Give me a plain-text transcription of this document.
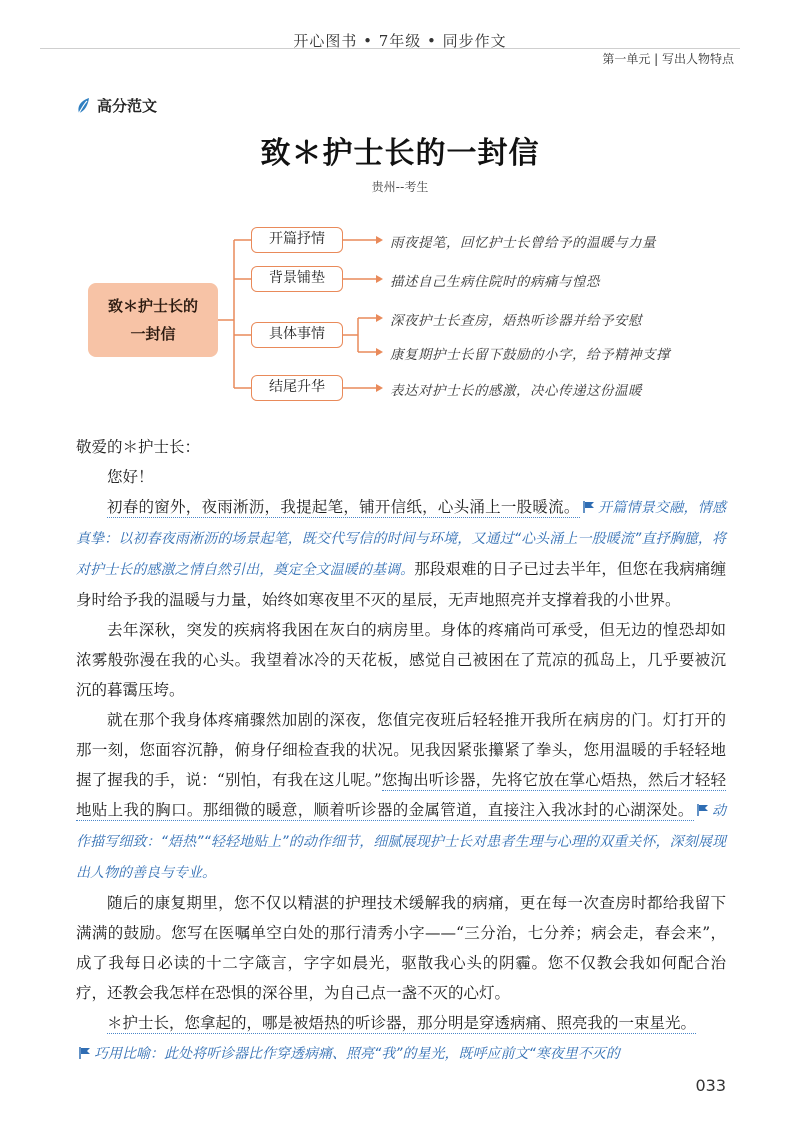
开心图书 • 7年级 • 同步作文
第一单元 | 写出人物特点
高分范文
致＊护士长的一封信
贵州--考生
致＊护士长的
一封信
开篇抒情
背景铺垫
具体事情
结尾升华
雨夜提笔，回忆护士长曾给予的温暖与力量
描述自己生病住院时的病痛与惶恐
深夜护士长查房，焐热听诊器并给予安慰
康复期护士长留下鼓励的小字，给予精神支撑
表达对护士长的感激，决心传递这份温暖

敬爱的＊护士长：

您好！

初春的窗外，夜雨淅沥，我提起笔，铺开信纸，心头涌上一股暖流。 开篇情景交融，情感真挚：以初春夜雨淅沥的场景起笔，既交代写信的时间与环境，又通过“心头涌上一股暖流”直抒胸臆，将对护士长的感激之情自然引出，奠定全文温暖的基调。那段艰难的日子已过去半年，但您在我病痛缠身时给予我的温暖与力量，始终如寒夜里不灭的星辰，无声地照亮并支撑着我的小世界。

去年深秋，突发的疾病将我困在灰白的病房里。身体的疼痛尚可承受，但无边的惶恐却如浓雾般弥漫在我的心头。我望着冰冷的天花板，感觉自己被困在了荒凉的孤岛上，几乎要被沉沉的暮霭压垮。

就在那个我身体疼痛骤然加剧的深夜，您值完夜班后轻轻推开我所在病房的门。灯打开的那一刻，您面容沉静，俯身仔细检查我的状况。见我因紧张攥紧了拳头，您用温暖的手轻轻地握了握我的手，说：“别怕，有我在这儿呢。”您掏出听诊器，先将它放在掌心焐热，然后才轻轻地贴上我的胸口。那细微的暖意，顺着听诊器的金属管道，直接注入我冰封的心湖深处。 动作描写细致：“焐热”“轻轻地贴上”的动作细节，细腻展现护士长对患者生理与心理的双重关怀，深刻展现出人物的善良与专业。

随后的康复期里，您不仅以精湛的护理技术缓解我的病痛，更在每一次查房时都给我留下满满的鼓励。您写在医嘱单空白处的那行清秀小字——“三分治，七分养；病会走，春会来”，成了我每日必读的十二字箴言，字字如晨光，驱散我心头的阴霾。您不仅教会我如何配合治疗，还教会我怎样在恐惧的深谷里，为自己点一盏不灭的心灯。

＊护士长，您拿起的，哪是被焐热的听诊器，那分明是穿透病痛、照亮我的一束星光。

巧用比喻：此处将听诊器比作穿透病痛、照亮“我”的星光，既呼应前文“寒夜里不灭的

033
